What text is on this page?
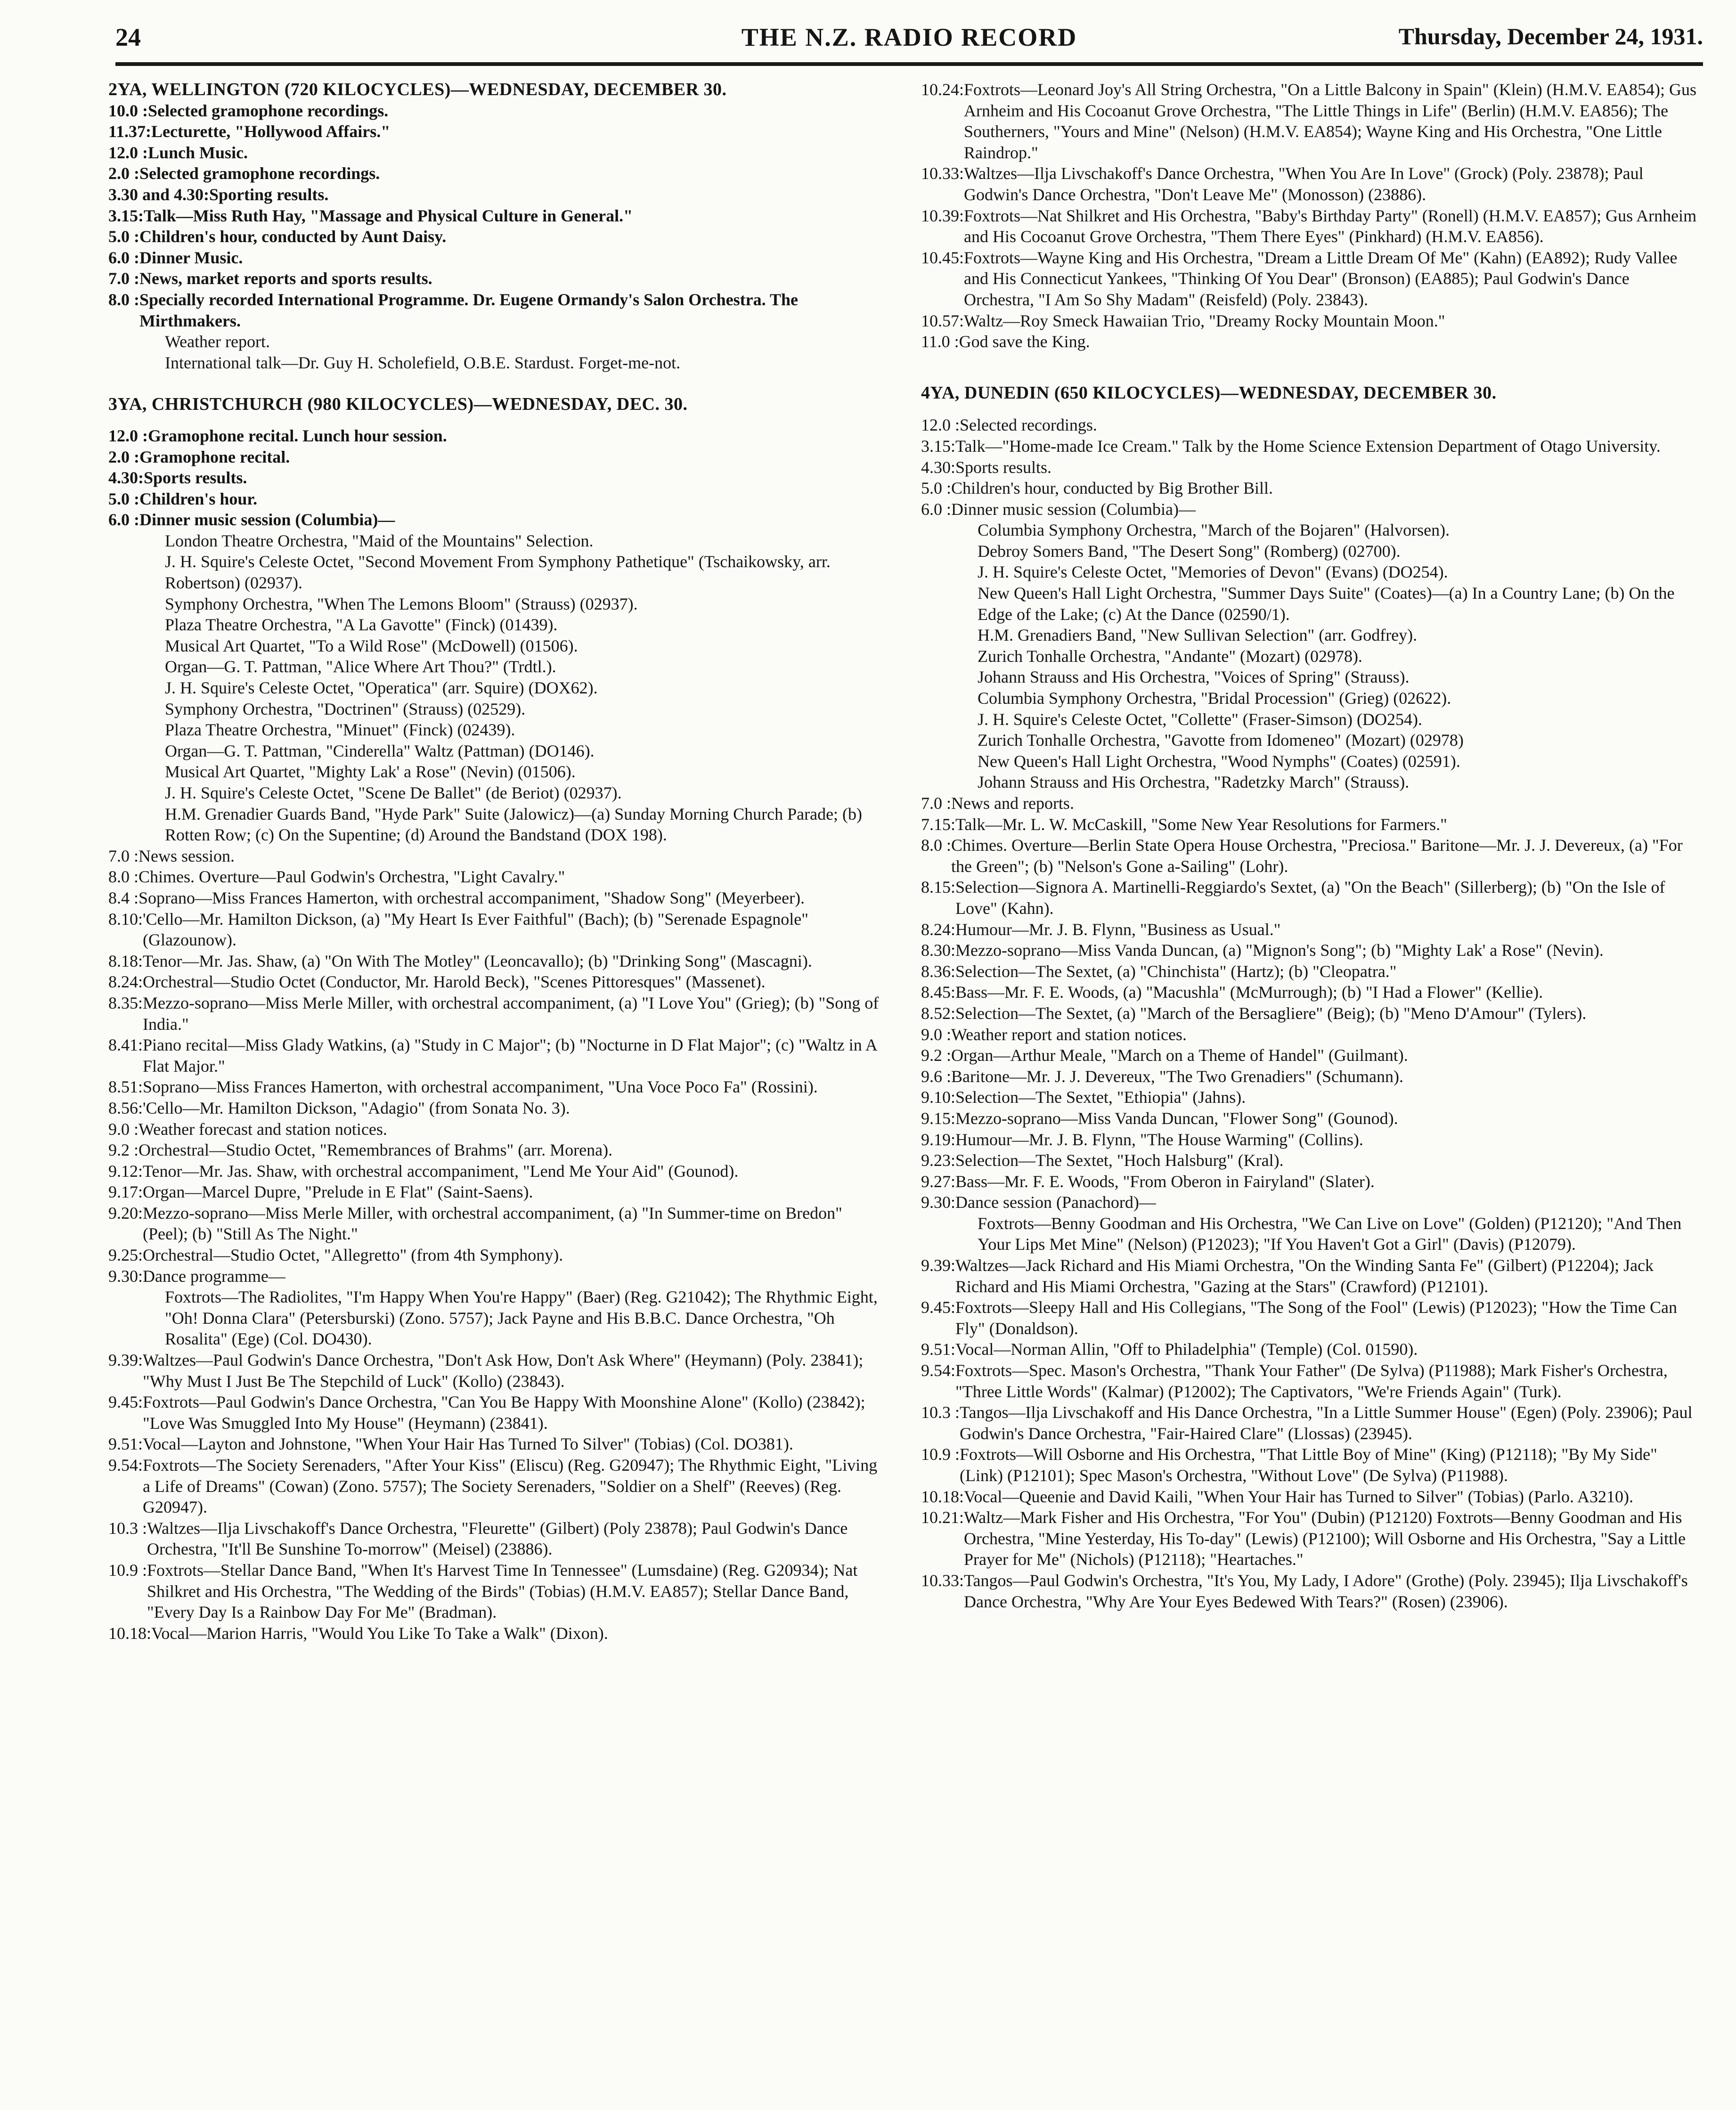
24	THE N.Z. RADIO RECORD	Thursday, December 24, 1931.
2YA, WELLINGTON (720 KILOCYCLES)—WEDNESDAY, DECEMBER 30.
10.0 : Selected gramophone recordings.
11.37: Lecturette, "Hollywood Affairs."
12.0 : Lunch Music.
2.0 : Selected gramophone recordings.
3.30 and 4.30: Sporting results.
3.15: Talk—Miss Ruth Hay, "Massage and Physical Culture in General."
5.0 : Children's hour, conducted by Aunt Daisy.
6.0 : Dinner Music.
7.0 : News, market reports and sports results.
8.0 : Specially recorded International Programme. Dr. Eugene Ormandy's Salon Orchestra. The Mirthmakers.
Weather report.
International talk—Dr. Guy H. Scholefield, O.B.E. Stardust. Forget-me-not.
3YA, CHRISTCHURCH (980 KILOCYCLES)—WEDNESDAY, DEC. 30.
12.0 : Gramophone recital. Lunch hour session.
2.0 : Gramophone recital.
4.30: Sports results.
5.0 : Children's hour.
6.0 : Dinner music session (Columbia)—
London Theatre Orchestra, "Maid of the Mountains" Selection.
J. H. Squire's Celeste Octet, "Second Movement From Symphony Pathetique" (Tschaikowsky, arr. Robertson) (02937).
Symphony Orchestra, "When The Lemons Bloom" (Strauss) (02937).
Plaza Theatre Orchestra, "A La Gavotte" (Finck) (01439).
Musical Art Quartet, "To a Wild Rose" (McDowell) (01506).
Organ—G. T. Pattman, "Alice Where Art Thou?" (Trdtl.).
J. H. Squire's Celeste Octet, "Operatica" (arr. Squire) (DOX62).
Symphony Orchestra, "Doctrinen" (Strauss) (02529).
Plaza Theatre Orchestra, "Minuet" (Finck) (02439).
Organ—G. T. Pattman, "Cinderella" Waltz (Pattman) (DO146).
Musical Art Quartet, "Mighty Lak' a Rose" (Nevin) (01506).
J. H. Squire's Celeste Octet, "Scene De Ballet" (de Beriot) (02937).
H.M. Grenadier Guards Band, "Hyde Park" Suite (Jalowicz)—(a) Sunday Morning Church Parade; (b) Rotten Row; (c) On the Supentine; (d) Around the Bandstand (DOX 198).
7.0 : News session.
8.0 : Chimes. Overture—Paul Godwin's Orchestra, "Light Cavalry."
8.4 : Soprano—Miss Frances Hamerton, with orchestral accompaniment, "Shadow Song" (Meyerbeer).
8.10: 'Cello—Mr. Hamilton Dickson, (a) "My Heart Is Ever Faithful" (Bach); (b) "Serenade Espagnole" (Glazounow).
8.18: Tenor—Mr. Jas. Shaw, (a) "On With The Motley" (Leoncavallo); (b) "Drinking Song" (Mascagni).
8.24: Orchestral—Studio Octet (Conductor, Mr. Harold Beck), "Scenes Pittoresques" (Massenet).
8.35: Mezzo-soprano—Miss Merle Miller, with orchestral accompaniment, (a) "I Love You" (Grieg); (b) "Song of India."
8.41: Piano recital—Miss Glady Watkins, (a) "Study in C Major"; (b) "Nocturne in D Flat Major"; (c) "Waltz in A Flat Major."
8.51: Soprano—Miss Frances Hamerton, with orchestral accompaniment, "Una Voce Poco Fa" (Rossini).
8.56: 'Cello—Mr. Hamilton Dickson, "Adagio" (from Sonata No. 3).
9.0 : Weather forecast and station notices.
9.2 : Orchestral—Studio Octet, "Remembrances of Brahms" (arr. Morena).
9.12: Tenor—Mr. Jas. Shaw, with orchestral accompaniment, "Lend Me Your Aid" (Gounod).
9.17: Organ—Marcel Dupre, "Prelude in E Flat" (Saint-Saens).
9.20: Mezzo-soprano—Miss Merle Miller, with orchestral accompaniment, (a) "In Summer-time on Bredon" (Peel); (b) "Still As The Night."
9.25: Orchestral—Studio Octet, "Allegretto" (from 4th Symphony).
9.30: Dance programme—
Foxtrots—The Radiolites, "I'm Happy When You're Happy" (Baer) (Reg. G21042); The Rhythmic Eight, "Oh! Donna Clara" (Petersburski) (Zono. 5757); Jack Payne and His B.B.C. Dance Orchestra, "Oh Rosalita" (Ege) (Col. DO430).
9.39: Waltzes—Paul Godwin's Dance Orchestra, "Don't Ask How, Don't Ask Where" (Heymann) (Poly. 23841); "Why Must I Just Be The Stepchild of Luck" (Kollo) (23843).
9.45: Foxtrots—Paul Godwin's Dance Orchestra, "Can You Be Happy With Moonshine Alone" (Kollo) (23842); "Love Was Smuggled Into My House" (Heymann) (23841).
9.51: Vocal—Layton and Johnstone, "When Your Hair Has Turned To Silver" (Tobias) (Col. DO381).
9.54: Foxtrots—The Society Serenaders, "After Your Kiss" (Eliscu) (Reg. G20947); The Rhythmic Eight, "Living a Life of Dreams" (Cowan) (Zono. 5757); The Society Serenaders, "Soldier on a Shelf" (Reeves) (Reg. G20947).
10.3 : Waltzes—Ilja Livschakoff's Dance Orchestra, "Fleurette" (Gilbert) (Poly 23878); Paul Godwin's Dance Orchestra, "It'll Be Sunshine To-morrow" (Meisel) (23886).
10.9 : Foxtrots—Stellar Dance Band, "When It's Harvest Time In Tennessee" (Lumsdaine) (Reg. G20934); Nat Shilkret and His Orchestra, "The Wedding of the Birds" (Tobias) (H.M.V. EA857); Stellar Dance Band, "Every Day Is a Rainbow Day For Me" (Bradman).
10.18: Vocal—Marion Harris, "Would You Like To Take a Walk" (Dixon).
10.24: Foxtrots—Leonard Joy's All String Orchestra, "On a Little Balcony in Spain" (Klein) (H.M.V. EA854); Gus Arnheim and His Cocoanut Grove Orchestra, "The Little Things in Life" (Berlin) (H.M.V. EA856); The Southerners, "Yours and Mine" (Nelson) (H.M.V. EA854); Wayne King and His Orchestra, "One Little Raindrop."
10.33: Waltzes—Ilja Livschakoff's Dance Orchestra, "When You Are In Love" (Grock) (Poly. 23878); Paul Godwin's Dance Orchestra, "Don't Leave Me" (Monosson) (23886).
10.39: Foxtrots—Nat Shilkret and His Orchestra, "Baby's Birthday Party" (Ronell) (H.M.V. EA857); Gus Arnheim and His Cocoanut Grove Orchestra, "Them There Eyes" (Pinkhard) (H.M.V. EA856).
10.45: Foxtrots—Wayne King and His Orchestra, "Dream a Little Dream Of Me" (Kahn) (EA892); Rudy Vallee and His Connecticut Yankees, "Thinking Of You Dear" (Bronson) (EA885); Paul Godwin's Dance Orchestra, "I Am So Shy Madam" (Reisfeld) (Poly. 23843).
10.57: Waltz—Roy Smeck Hawaiian Trio, "Dreamy Rocky Mountain Moon."
11.0 : God save the King.
4YA, DUNEDIN (650 KILOCYCLES)—WEDNESDAY, DECEMBER 30.
12.0 : Selected recordings.
3.15: Talk—"Home-made Ice Cream." Talk by the Home Science Extension Department of Otago University.
4.30: Sports results.
5.0 : Children's hour, conducted by Big Brother Bill.
6.0 : Dinner music session (Columbia)—
Columbia Symphony Orchestra, "March of the Bojaren" (Halvorsen).
Debroy Somers Band, "The Desert Song" (Romberg) (02700).
J. H. Squire's Celeste Octet, "Memories of Devon" (Evans) (DO254).
New Queen's Hall Light Orchestra, "Summer Days Suite" (Coates)—(a) In a Country Lane; (b) On the Edge of the Lake; (c) At the Dance (02590/1).
H.M. Grenadiers Band, "New Sullivan Selection" (arr. Godfrey).
Zurich Tonhalle Orchestra, "Andante" (Mozart) (02978).
Johann Strauss and His Orchestra, "Voices of Spring" (Strauss).
Columbia Symphony Orchestra, "Bridal Procession" (Grieg) (02622).
J. H. Squire's Celeste Octet, "Collette" (Fraser-Simson) (DO254).
Zurich Tonhalle Orchestra, "Gavotte from Idomeneo" (Mozart) (02978)
New Queen's Hall Light Orchestra, "Wood Nymphs" (Coates) (02591).
Johann Strauss and His Orchestra, "Radetzky March" (Strauss).
7.0 : News and reports.
7.15: Talk—Mr. L. W. McCaskill, "Some New Year Resolutions for Farmers."
8.0 : Chimes. Overture—Berlin State Opera House Orchestra, "Preciosa." Baritone—Mr. J. J. Devereux, (a) "For the Green"; (b) "Nelson's Gone a-Sailing" (Lohr).
8.15: Selection—Signora A. Martinelli-Reggiardo's Sextet, (a) "On the Beach" (Sillerberg); (b) "On the Isle of Love" (Kahn).
8.24: Humour—Mr. J. B. Flynn, "Business as Usual."
8.30: Mezzo-soprano—Miss Vanda Duncan, (a) "Mignon's Song"; (b) "Mighty Lak' a Rose" (Nevin).
8.36: Selection—The Sextet, (a) "Chinchista" (Hartz); (b) "Cleopatra."
8.45: Bass—Mr. F. E. Woods, (a) "Macushla" (McMurrough); (b) "I Had a Flower" (Kellie).
8.52: Selection—The Sextet, (a) "March of the Bersagliere" (Beig); (b) "Meno D'Amour" (Tylers).
9.0 : Weather report and station notices.
9.2 : Organ—Arthur Meale, "March on a Theme of Handel" (Guilmant).
9.6 : Baritone—Mr. J. J. Devereux, "The Two Grenadiers" (Schumann).
9.10: Selection—The Sextet, "Ethiopia" (Jahns).
9.15: Mezzo-soprano—Miss Vanda Duncan, "Flower Song" (Gounod).
9.19: Humour—Mr. J. B. Flynn, "The House Warming" (Collins).
9.23: Selection—The Sextet, "Hoch Halsburg" (Kral).
9.27: Bass—Mr. F. E. Woods, "From Oberon in Fairyland" (Slater).
9.30: Dance session (Panachord)—
Foxtrots—Benny Goodman and His Orchestra, "We Can Live on Love" (Golden) (P12120); "And Then Your Lips Met Mine" (Nelson) (P12023); "If You Haven't Got a Girl" (Davis) (P12079).
9.39: Waltzes—Jack Richard and His Miami Orchestra, "On the Winding Santa Fe" (Gilbert) (P12204); Jack Richard and His Miami Orchestra, "Gazing at the Stars" (Crawford) (P12101).
9.45: Foxtrots—Sleepy Hall and His Collegians, "The Song of the Fool" (Lewis) (P12023); "How the Time Can Fly" (Donaldson).
9.51: Vocal—Norman Allin, "Off to Philadelphia" (Temple) (Col. 01590).
9.54: Foxtrots—Spec. Mason's Orchestra, "Thank Your Father" (De Sylva) (P11988); Mark Fisher's Orchestra, "Three Little Words" (Kalmar) (P12002); The Captivators, "We're Friends Again" (Turk).
10.3 : Tangos—Ilja Livschakoff and His Dance Orchestra, "In a Little Summer House" (Egen) (Poly. 23906); Paul Godwin's Dance Orchestra, "Fair-Haired Clare" (Llossas) (23945).
10.9 : Foxtrots—Will Osborne and His Orchestra, "That Little Boy of Mine" (King) (P12118); "By My Side" (Link) (P12101); Spec Mason's Orchestra, "Without Love" (De Sylva) (P11988).
10.18: Vocal—Queenie and David Kaili, "When Your Hair has Turned to Silver" (Tobias) (Parlo. A3210).
10.21: Waltz—Mark Fisher and His Orchestra, "For You" (Dubin) (P12120) Foxtrots—Benny Goodman and His Orchestra, "Mine Yesterday, His To-day" (Lewis) (P12100); Will Osborne and His Orchestra, "Say a Little Prayer for Me" (Nichols) (P12118); "Heartaches."
10.33: Tangos—Paul Godwin's Orchestra, "It's You, My Lady, I Adore" (Grothe) (Poly. 23945); Ilja Livschakoff's Dance Orchestra, "Why Are Your Eyes Bedewed With Tears?" (Rosen) (23906).
